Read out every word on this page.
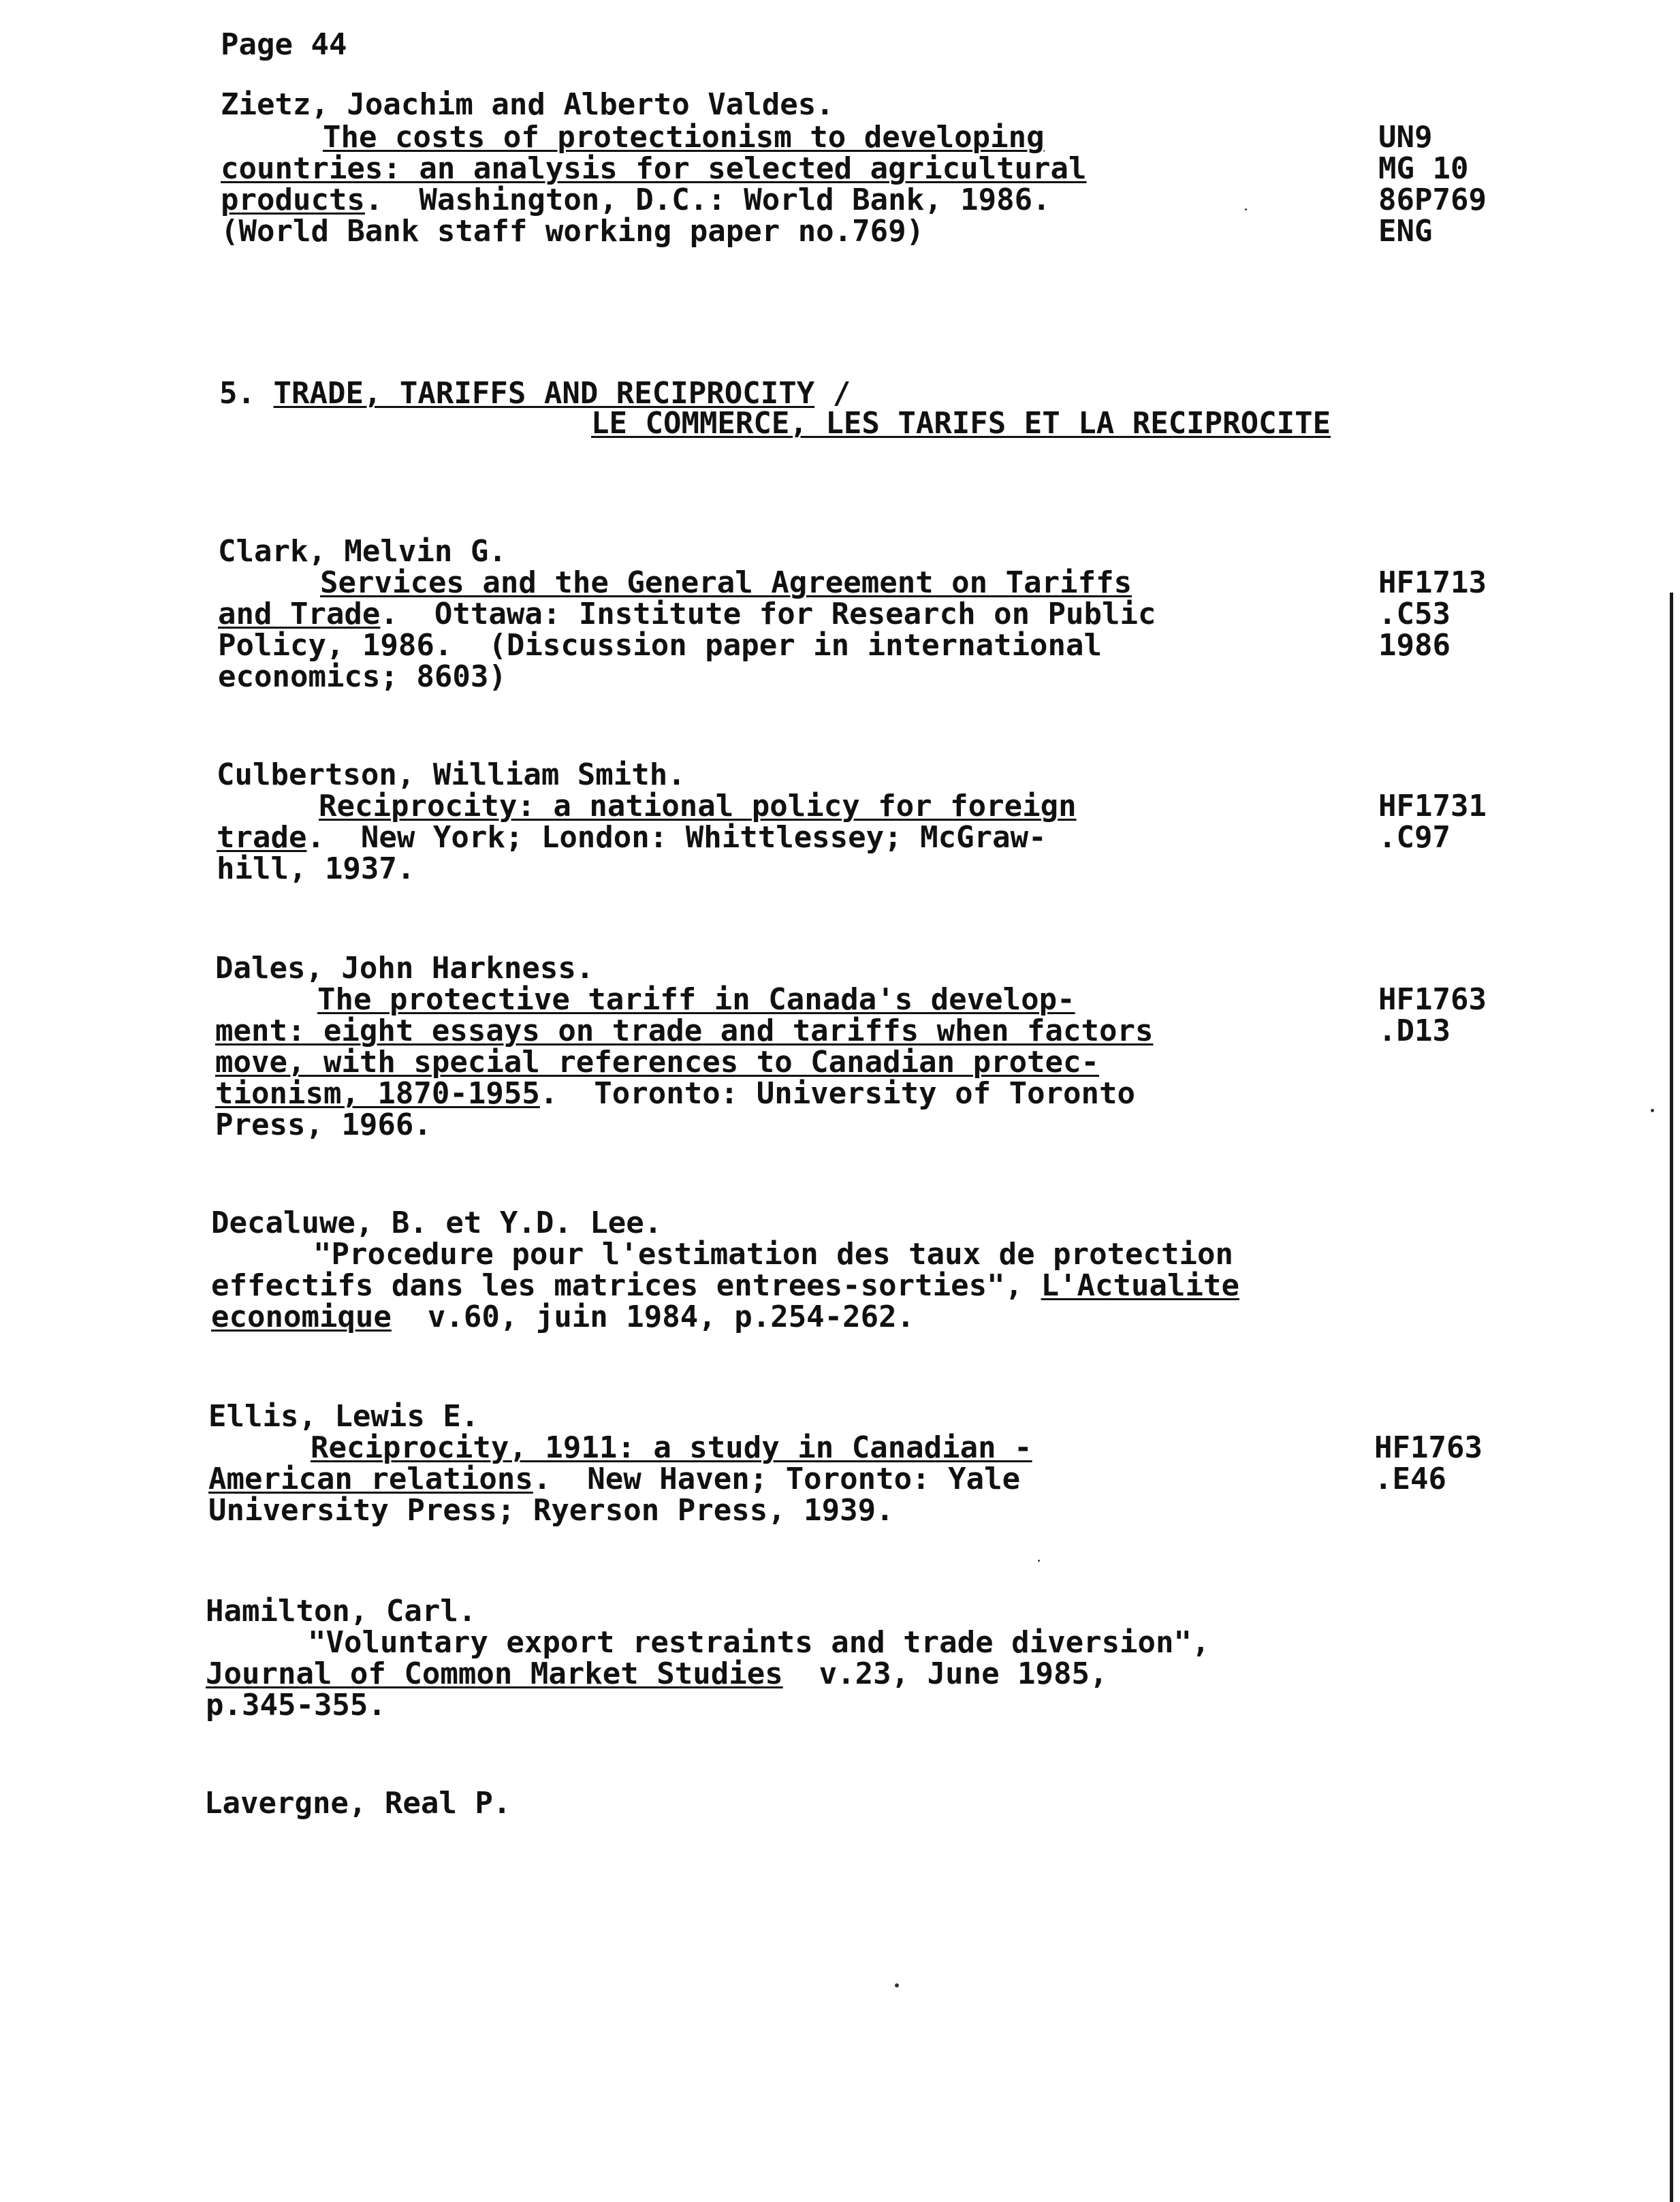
Page 44
Zietz, Joachim and Alberto Valdes.
The costs of protectionism to developing
countries: an analysis for selected agricultural
products.  Washington, D.C.: World Bank, 1986.
(World Bank staff working paper no.769)
UN9
MG 10
86P769
ENG
5. TRADE, TARIFFS AND RECIPROCITY /
LE COMMERCE, LES TARIFS ET LA RECIPROCITE
Clark, Melvin G.
Services and the General Agreement on Tariffs
and Trade.  Ottawa: Institute for Research on Public
Policy, 1986.  (Discussion paper in international
economics; 8603)
HF1713
.C53
1986
Culbertson, William Smith.
Reciprocity: a national policy for foreign
trade.  New York; London: Whittlessey; McGraw-
hill, 1937.
HF1731
.C97
Dales, John Harkness.
The protective tariff in Canada's develop-
ment: eight essays on trade and tariffs when factors
move, with special references to Canadian protec-
tionism, 1870-1955.  Toronto: University of Toronto
Press, 1966.
HF1763
.D13
Decaluwe, B. et Y.D. Lee.
"Procedure pour l'estimation des taux de protection
effectifs dans les matrices entrees-sorties", L'Actualite
economique  v.60, juin 1984, p.254-262.
Ellis, Lewis E.
Reciprocity, 1911: a study in Canadian -
American relations.  New Haven; Toronto: Yale
University Press; Ryerson Press, 1939.
HF1763
.E46
Hamilton, Carl.
"Voluntary export restraints and trade diversion",
Journal of Common Market Studies  v.23, June 1985,
p.345-355.
Lavergne, Real P.
